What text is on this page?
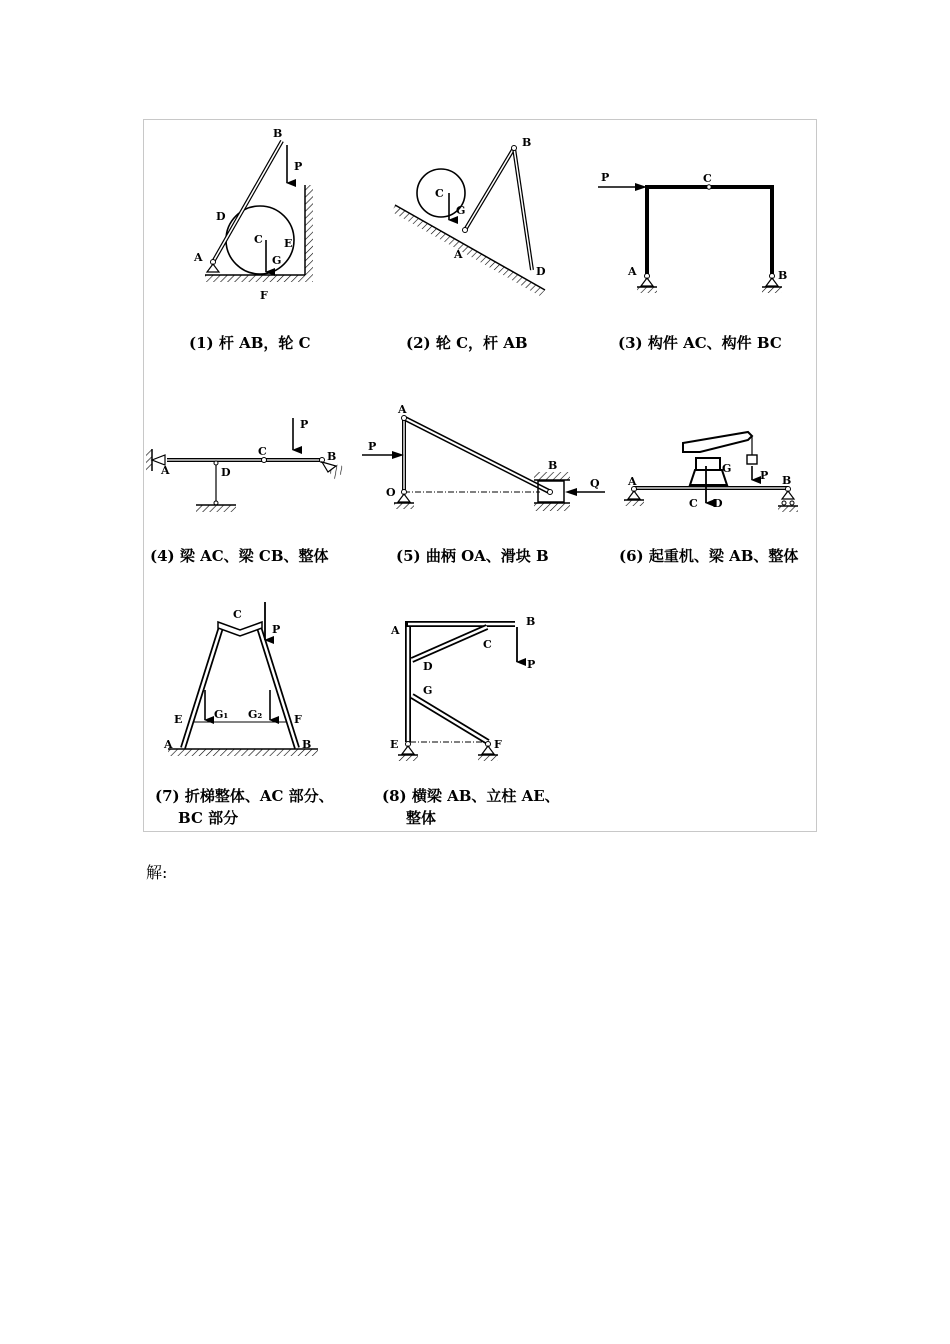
B
P
D
C E
G
A
F
B
C
G
A
D
P	C
A	B
A	D
C
P
B
A
P
O
B
Q	A
G
P B
C D
C
P
E	G₁ G₂	F
A	B
A
B
C
D	P
G
E	F
(1) 杆 AB，轮 C	(2) 轮 C，杆 AB	(3) 构件 AC、构件 BC
(4) 梁 AC、梁 CB、整体	(5) 曲柄 OA、滑块 B	(6) 起重机、梁 AB、整体
(7) 折梯整体、AC 部分、
BC 部分
(8) 横梁 AB、立柱 AE、
整体
解:
